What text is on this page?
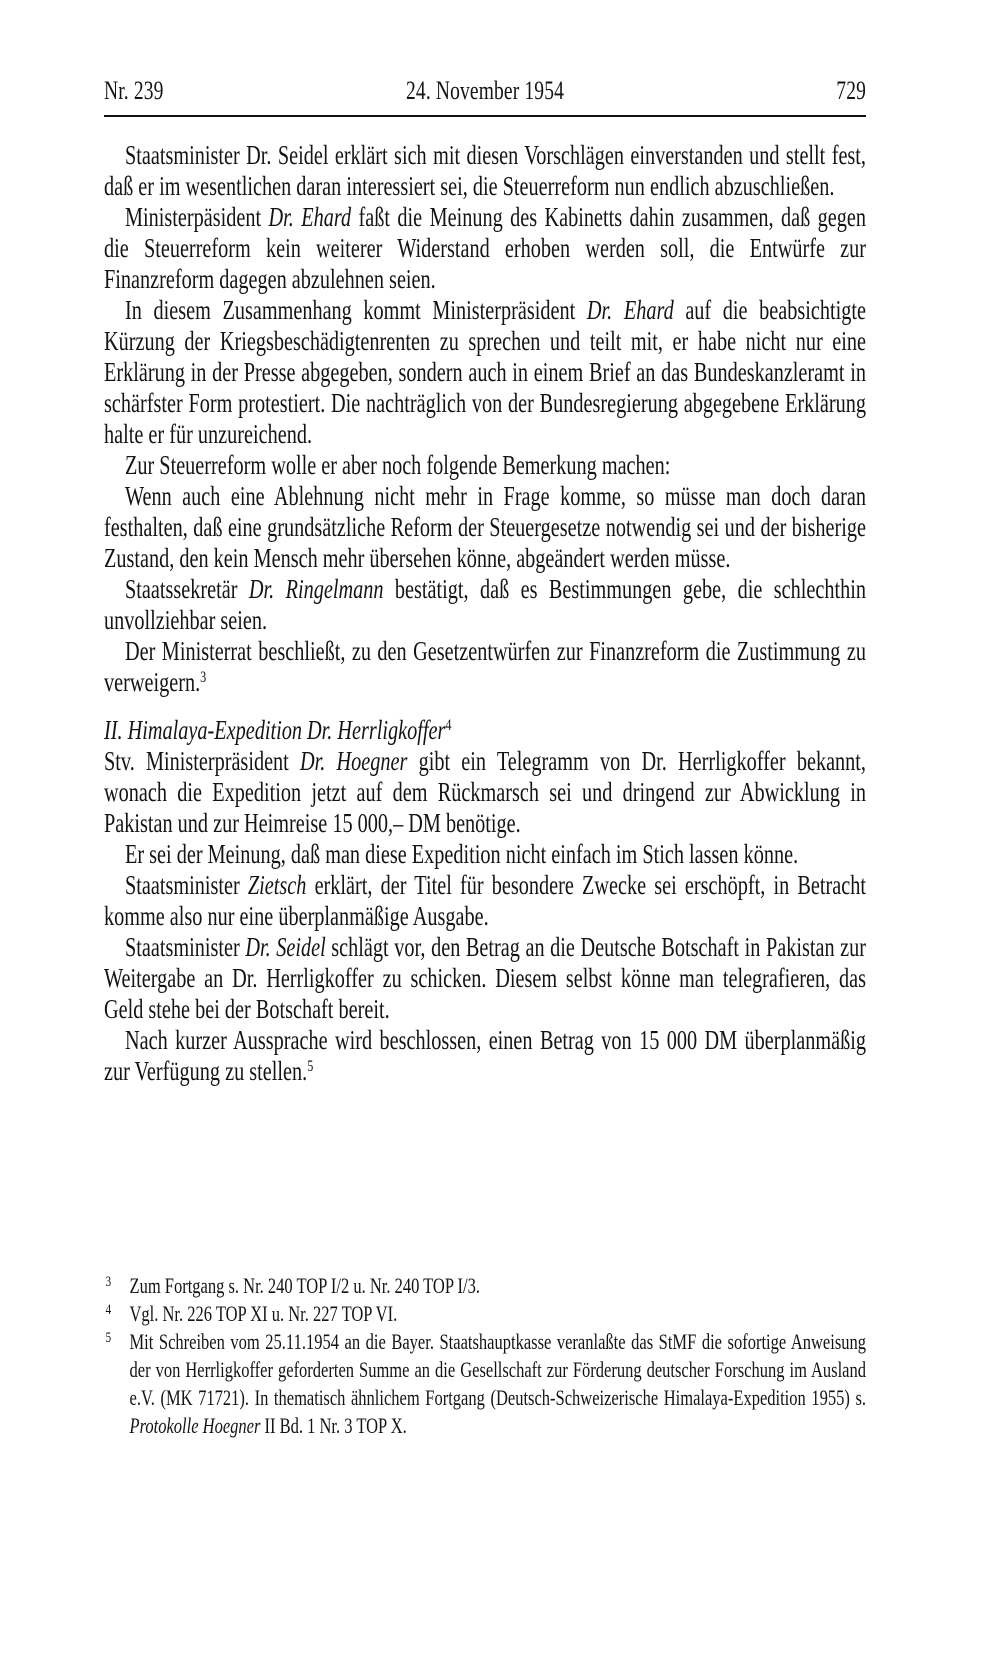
Nr. 239	24. November 1954	729

Staatsminister Dr. Seidel erklärt sich mit diesen Vorschlägen einverstanden und stellt fest, daß er im wesentlichen daran interessiert sei, die Steuerreform nun endlich abzuschließen.

Ministerpäsident Dr. Ehard faßt die Meinung des Kabinetts dahin zusammen, daß gegen die Steuerreform kein weiterer Widerstand erhoben werden soll, die Entwürfe zur Finanzreform dagegen abzulehnen seien.

In diesem Zusammenhang kommt Ministerpräsident Dr. Ehard auf die beabsichtigte Kürzung der Kriegsbeschädigtenrenten zu sprechen und teilt mit, er habe nicht nur eine Erklärung in der Presse abgegeben, sondern auch in einem Brief an das Bundeskanzleramt in schärfster Form protestiert. Die nachträglich von der Bundesregierung abgegebene Erklärung halte er für unzureichend.

Zur Steuerreform wolle er aber noch folgende Bemerkung machen:

Wenn auch eine Ablehnung nicht mehr in Frage komme, so müsse man doch daran festhalten, daß eine grundsätzliche Reform der Steuergesetze notwendig sei und der bisherige Zustand, den kein Mensch mehr übersehen könne, abgeändert werden müsse.

Staatssekretär Dr. Ringelmann bestätigt, daß es Bestimmungen gebe, die schlechthin unvollziehbar seien.

Der Ministerrat beschließt, zu den Gesetzentwürfen zur Finanzreform die Zustimmung zu verweigern.$^3$

II. Himalaya-Expedition Dr. Herrligkoffer$^4$

Stv. Ministerpräsident Dr. Hoegner gibt ein Telegramm von Dr. Herrligkoffer bekannt, wonach die Expedition jetzt auf dem Rückmarsch sei und dringend zur Abwicklung in Pakistan und zur Heimreise 15 000,– DM benötige.

Er sei der Meinung, daß man diese Expedition nicht einfach im Stich lassen könne.

Staatsminister Zietsch erklärt, der Titel für besondere Zwecke sei erschöpft, in Betracht komme also nur eine überplanmäßige Ausgabe.

Staatsminister Dr. Seidel schlägt vor, den Betrag an die Deutsche Botschaft in Pakistan zur Weitergabe an Dr. Herrligkoffer zu schicken. Diesem selbst könne man telegrafieren, das Geld stehe bei der Botschaft bereit.

Nach kurzer Aussprache wird beschlossen, einen Betrag von 15 000 DM überplanmäßig zur Verfügung zu stellen.$^5$

3 Zum Fortgang s. Nr. 240 TOP I/2 u. Nr. 240 TOP I/3.
4 Vgl. Nr. 226 TOP XI u. Nr. 227 TOP VI.
5 Mit Schreiben vom 25.11.1954 an die Bayer. Staatshauptkasse veranlaßte das StMF die sofortige Anweisung der von Herrligkoffer geforderten Summe an die Gesellschaft zur Förderung deutscher Forschung im Ausland e.V. (MK 71721). In thematisch ähnlichem Fortgang (Deutsch-Schweizerische Himalaya-Expedition 1955) s. Protokolle Hoegner II Bd. 1 Nr. 3 TOP X.
